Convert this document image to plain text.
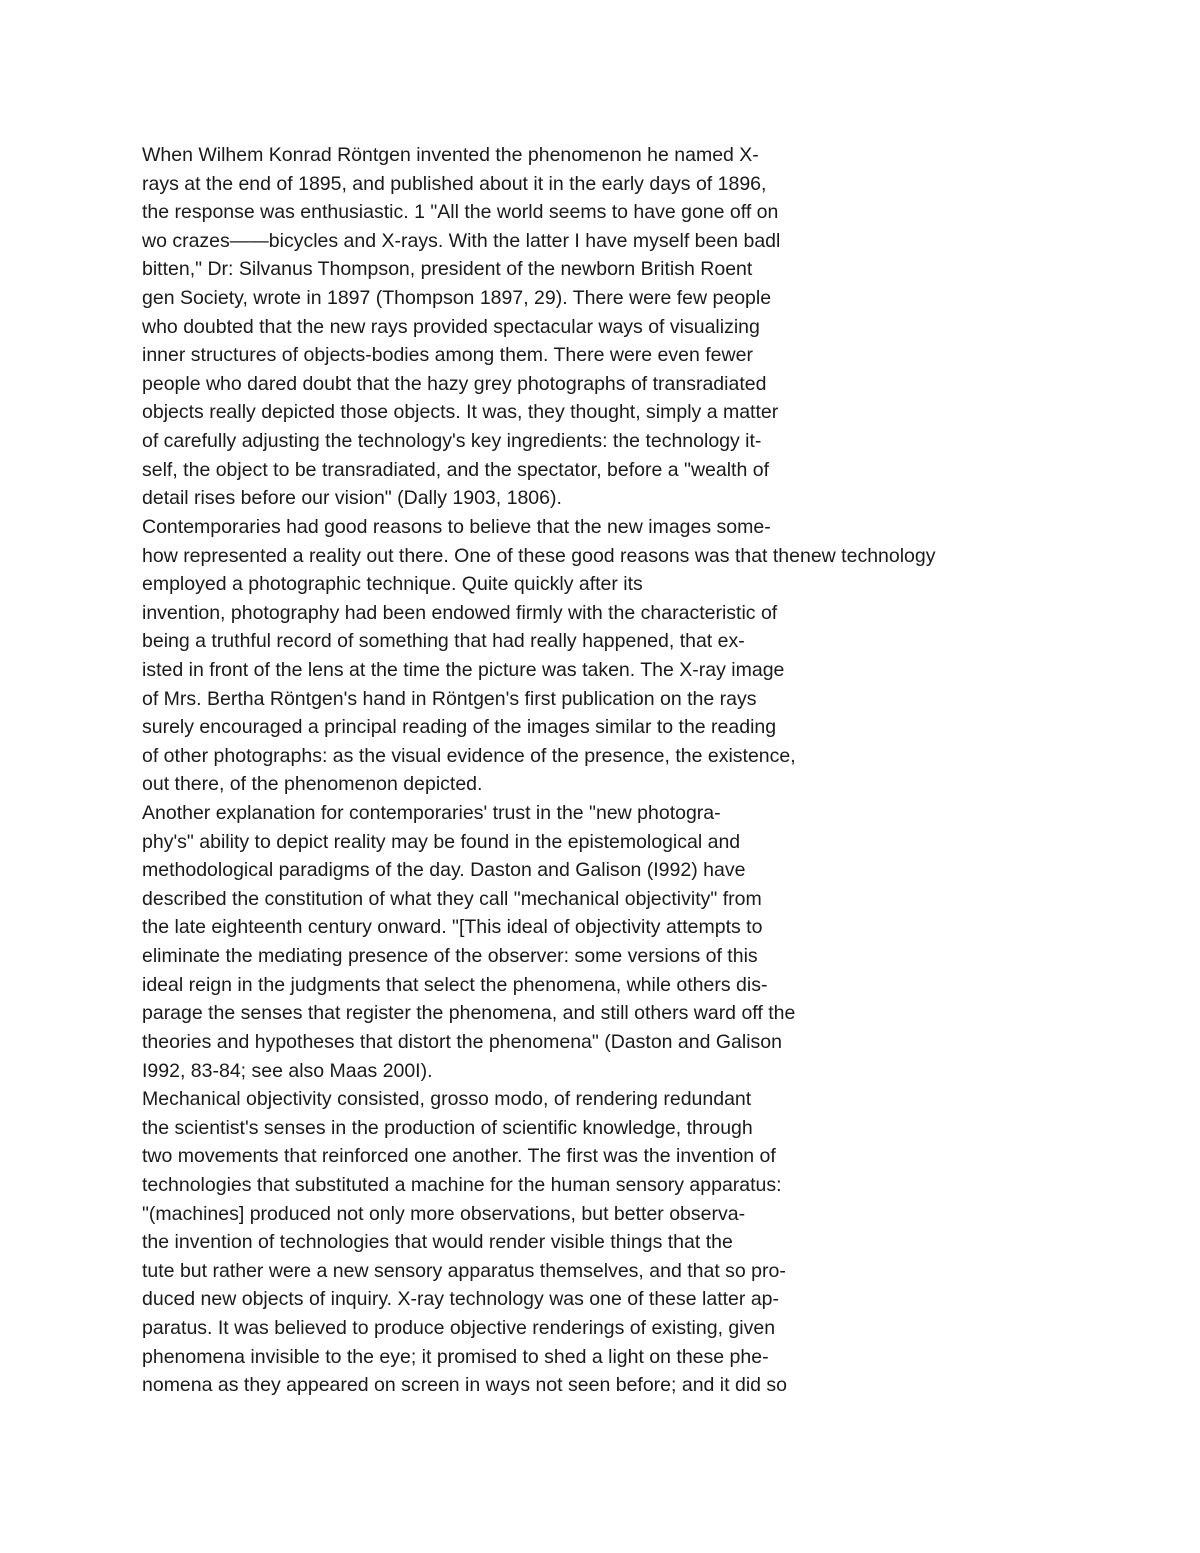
When Wilhem Konrad Röntgen invented the phenomenon he named X-
rays at the end of 1895, and published about it in the early days of 1896,
the response was enthusiastic. 1 "All the world seems to have gone off on
wo crazes——bicycles and X-rays. With the latter I have myself been badl
bitten," Dr: Silvanus Thompson, president of the newborn British Roent
gen Society, wrote in 1897 (Thompson 1897, 29). There were few people
who doubted that the new rays provided spectacular ways of visualizing
inner structures of objects-bodies among them. There were even fewer
people who dared doubt that the hazy grey photographs of transradiated
objects really depicted those objects. It was, they thought, simply a matter
of carefully adjusting the technology's key ingredients: the technology it-
self, the object to be transradiated, and the spectator, before a "wealth of
detail rises before our vision" (Dally 1903, 1806).
Contemporaries had good reasons to believe that the new images some-
how represented a reality out there. One of these good reasons was that thenew technology
employed a photographic technique. Quite quickly after its
invention, photography had been endowed firmly with the characteristic of
being a truthful record of something that had really happened, that ex-
isted in front of the lens at the time the picture was taken. The X-ray image
of Mrs. Bertha Röntgen's hand in Röntgen's first publication on the rays
surely encouraged a principal reading of the images similar to the reading
of other photographs: as the visual evidence of the presence, the existence,
out there, of the phenomenon depicted.
Another explanation for contemporaries' trust in the "new photogra-
phy's" ability to depict reality may be found in the epistemological and
methodological paradigms of the day. Daston and Galison (I992) have
described the constitution of what they call "mechanical objectivity" from
the late eighteenth century onward. "[This ideal of objectivity attempts to
eliminate the mediating presence of the observer: some versions of this
ideal reign in the judgments that select the phenomena, while others dis-
parage the senses that register the phenomena, and still others ward off the
theories and hypotheses that distort the phenomena" (Daston and Galison
I992, 83-84; see also Maas 200I).
Mechanical objectivity consisted, grosso modo, of rendering redundant
the scientist's senses in the production of scientific knowledge, through
two movements that reinforced one another. The first was the invention of
technologies that substituted a machine for the human sensory apparatus:
"(machines] produced not only more observations, but better observa-
the invention of technologies that would render visible things that the
tute but rather were a new sensory apparatus themselves, and that so pro-
duced new objects of inquiry. X-ray technology was one of these latter ap-
paratus. It was believed to produce objective renderings of existing, given
phenomena invisible to the eye; it promised to shed a light on these phe-
nomena as they appeared on screen in ways not seen before; and it did so
